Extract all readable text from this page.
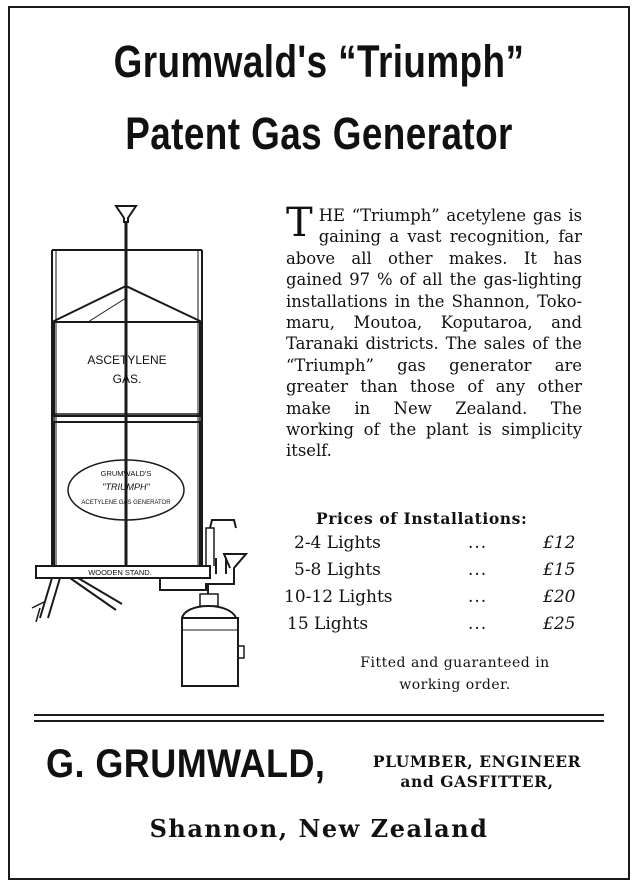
Grumwald's “Triumph”
Patent Gas Generator
ASCETYLENE
GAS.
GRUMWALD'S
"TRIUMPH"
ACETYLENE GAS GENERATOR
WOODEN STAND.
THE “Triumph” acetylene gas is gaining a vast recognition, far above all other makes. It has gained 97 % of all the gas-lighting installations in the Shannon, Tokomaru, Moutoa, Koputaroa, and Taranaki districts. The sales of the “Triumph” gas generator are greater than those of any other make in New Zealand. The working of the plant is simplicity itself.
Prices of Installations:
2-4 Lights	...	£12
5-8 Lights	...	£15
10-12 Lights	...	£20
15 Lights	...	£25
Fitted and guaranteed in working order.
G. GRUMWALD,	PLUMBER, ENGINEER
and GASFITTER,
Shannon, New Zealand
